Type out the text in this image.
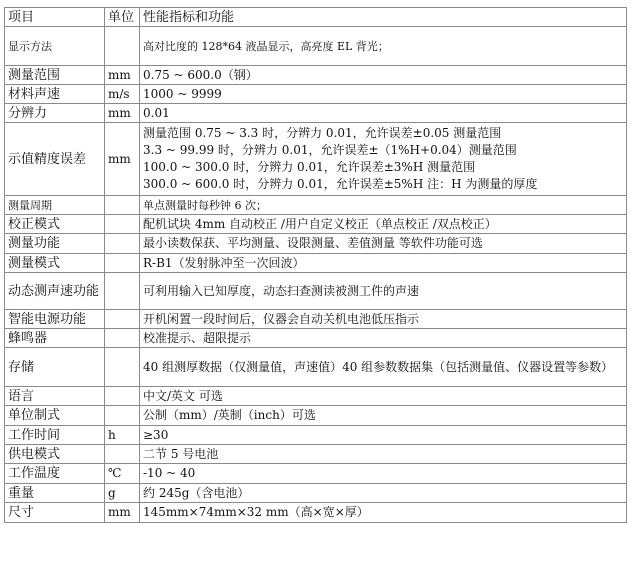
项目	单位	性能指标和功能
显示方法		高对比度的 128*64 液晶显示，高亮度 EL 背光；
测量范围	mm	0.75 ~ 600.0（钢）
材料声速	m/s	1000 ~ 9999
分辨力	mm	0.01
示值精度误差	mm	测量范围 0.75 ~ 3.3 时，分辨力 0.01，允许误差±0.05 测量范围
3.3 ~ 99.99 时，分辨力 0.01，允许误差±（1%H+0.04）测量范围
100.0 ~ 300.0 时，分辨力 0.01，允许误差±3%H 测量范围
300.0 ~ 600.0 时，分辨力 0.01，允许误差±5%H 注：H 为测量的厚度

测量周期		单点测量时每秒钟 6 次；
校正模式		配机试块 4mm 自动校正 /用户自定义校正（单点校正 /双点校正）
测量功能		最小读数保获、平均测量、设限测量、差值测量 等软件功能可选
测量模式		R-B1（发射脉冲至一次回波）
动态测声速功能		可利用输入已知厚度，动态扫查测读被测工件的声速
智能电源功能		开机闲置一段时间后，仪器会自动关机电池低压指示
蜂鸣器		校准提示、超限提示
存储		40 组测厚数据（仅测量值，声速值）40 组参数数据集（包括测量值、仪器设置等参数）
语言		中文/英文 可选
单位制式		公制（mm）/英制（inch）可选
工作时间	h	≥30
供电模式		二节 5 号电池
工作温度	℃	-10 ~ 40
重量	g	约 245g（含电池）
尺寸	mm	145mm×74mm×32 mm（高×宽×厚）
